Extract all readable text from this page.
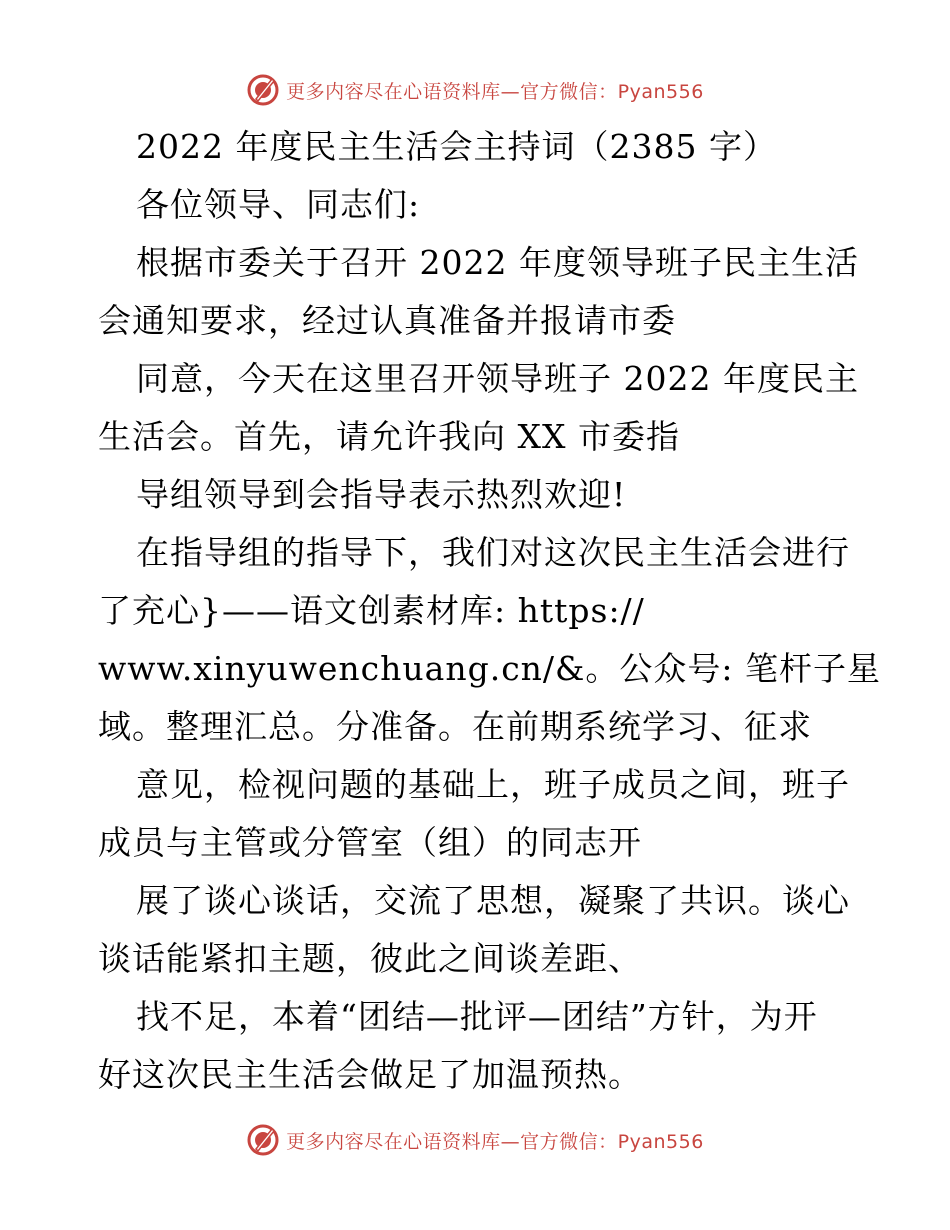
更多内容尽在心语资料库—官方微信：Pyan556
2022 年度民主生活会主持词（2385 字）
各位领导、同志们:
根据市委关于召开 2022 年度领导班子民主生活
会通知要求，经过认真准备并报请市委
同意，今天在这里召开领导班子 2022 年度民主
生活会。首先，请允许我向 XX 市委指
导组领导到会指导表示热烈欢迎!
在指导组的指导下，我们对这次民主生活会进行
了充心}——语文创素材库: https://
www.xinyuwenchuang.cn/&。公众号: 笔杆子星
域。整理汇总。分准备。在前期系统学习、征求
意见，检视问题的基础上，班子成员之间，班子
成员与主管或分管室（组）的同志开
展了谈心谈话，交流了思想，凝聚了共识。谈心
谈话能紧扣主题，彼此之间谈差距、
找不足，本着“团结—批评—团结”方针，为开
好这次民主生活会做足了加温预热。
更多内容尽在心语资料库—官方微信：Pyan556
